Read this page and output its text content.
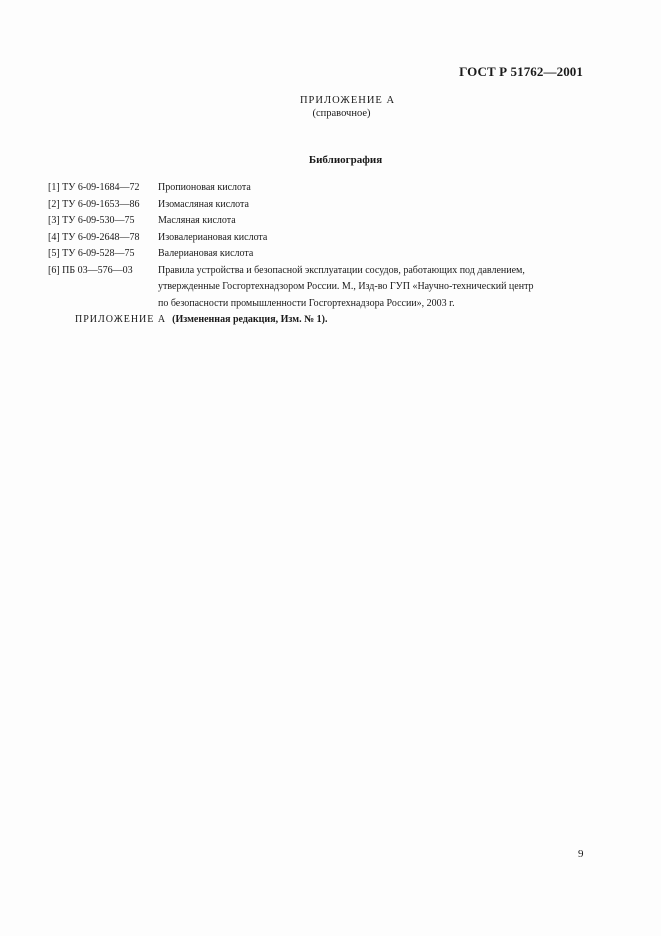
ГОСТ Р 51762—2001
ПРИЛОЖЕНИЕ А
(справочное)
Библиография
[1] ТУ 6-09-1684—72	Пропионовая кислота
[2] ТУ 6-09-1653—86	Изомасляная кислота
[3] ТУ 6-09-530—75	Масляная кислота
[4] ТУ 6-09-2648—78	Изовалериановая кислота
[5] ТУ 6-09-528—75	Валериановая кислота
[6] ПБ 03—576—03	Правила устройства и безопасной эксплуатации сосудов, работающих под давлением,
утвержденные Госгортехнадзором России. М., Изд-во ГУП «Научно-технический центр
по безопасности промышленности Госгортехнадзора России», 2003 г.
ПРИЛОЖЕНИЕ А (Измененная редакция, Изм. № 1).
9
